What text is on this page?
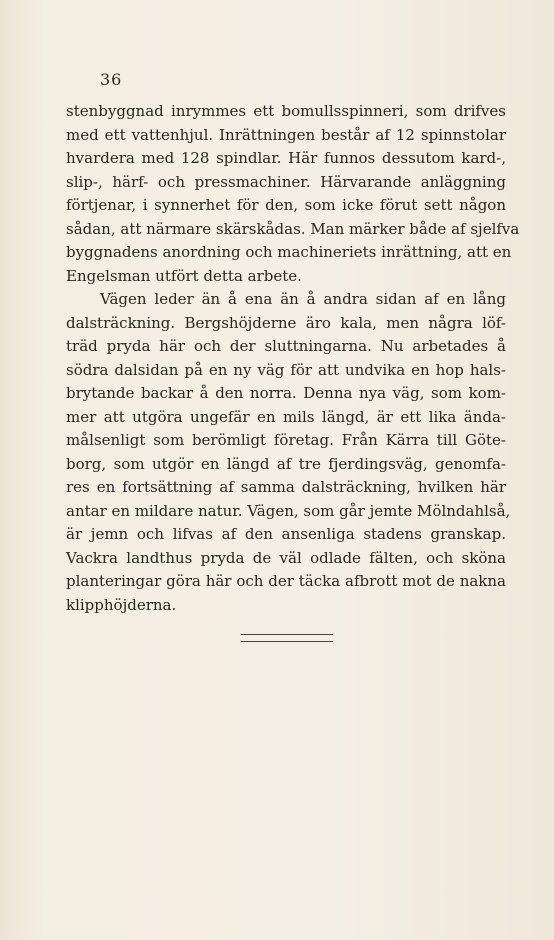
36
stenbyggnad inrymmes ett bomullsspinneri, som drifves
med ett vattenhjul. Inrättningen består af 12 spinnstolar
hvardera med 128 spindlar. Här funnos dessutom kard-,
slip-, härf- och pressmachiner. Härvarande anläggning
förtjenar, i synnerhet för den, som icke förut sett någon
sådan, att närmare skärskådas. Man märker både af sjelfva
byggnadens anordning och machineriets inrättning, att en
Engelsman utfört detta arbete.
Vägen leder än å ena än å andra sidan af en lång
dalsträckning. Bergshöjderne äro kala, men några löf-
träd pryda här och der sluttningarna. Nu arbetades å
södra dalsidan på en ny väg för att undvika en hop hals-
brytande backar å den norra. Denna nya väg, som kom-
mer att utgöra ungefär en mils längd, är ett lika ända-
målsenligt som berömligt företag. Från Kärra till Göte-
borg, som utgör en längd af tre fjerdingsväg, genomfa-
res en fortsättning af samma dalsträckning, hvilken här
antar en mildare natur. Vägen, som går jemte Mölndahlså,
är jemn och lifvas af den ansenliga stadens granskap.
Vackra landthus pryda de väl odlade fälten, och sköna
planteringar göra här och der täcka afbrott mot de nakna
klipphöjderna.
